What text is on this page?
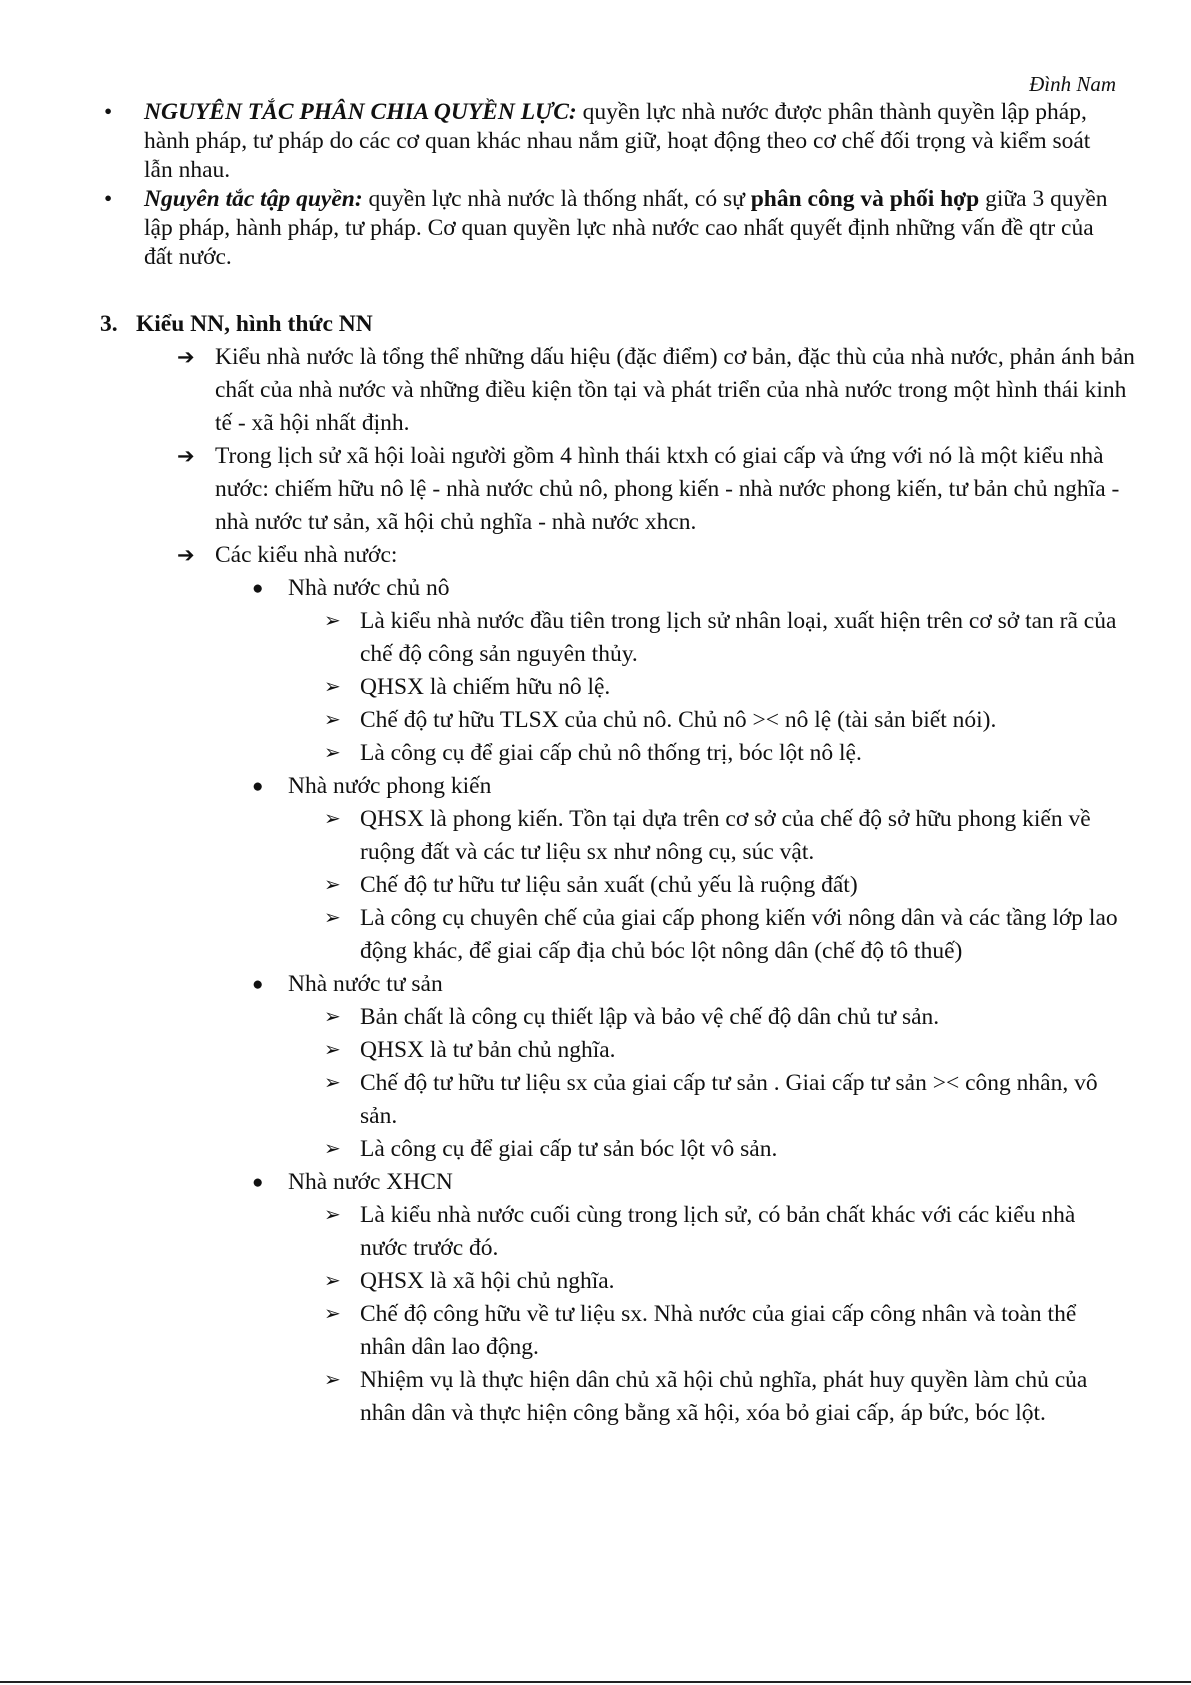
Đình Nam
• NGUYÊN TẮC PHÂN CHIA QUYỀN LỰC: quyền lực nhà nước được phân thành quyền lập pháp, hành pháp, tư pháp do các cơ quan khác nhau nắm giữ, hoạt động theo cơ chế đối trọng và kiểm soát lẫn nhau.
• Nguyên tắc tập quyền: quyền lực nhà nước là thống nhất, có sự phân công và phối hợp giữa 3 quyền lập pháp, hành pháp, tư pháp. Cơ quan quyền lực nhà nước cao nhất quyết định những vấn đề qtr của đất nước.
3. Kiểu NN, hình thức NN
➔ Kiểu nhà nước là tổng thể những dấu hiệu (đặc điểm) cơ bản, đặc thù của nhà nước, phản ánh bản chất của nhà nước và những điều kiện tồn tại và phát triển của nhà nước trong một hình thái kinh tế - xã hội nhất định.
➔ Trong lịch sử xã hội loài người gồm 4 hình thái ktxh có giai cấp và ứng với nó là một kiểu nhà nước: chiếm hữu nô lệ - nhà nước chủ nô, phong kiến - nhà nước phong kiến, tư bản chủ nghĩa - nhà nước tư sản, xã hội chủ nghĩa - nhà nước xhcn.
➔ Các kiểu nhà nước:
● Nhà nước chủ nô
➢ Là kiểu nhà nước đầu tiên trong lịch sử nhân loại, xuất hiện trên cơ sở tan rã của chế độ công sản nguyên thủy.
➢ QHSX là chiếm hữu nô lệ.
➢ Chế độ tư hữu TLSX của chủ nô. Chủ nô >< nô lệ (tài sản biết nói).
➢ Là công cụ để giai cấp chủ nô thống trị, bóc lột nô lệ.
● Nhà nước phong kiến
➢ QHSX là phong kiến. Tồn tại dựa trên cơ sở của chế độ sở hữu phong kiến về ruộng đất và các tư liệu sx như nông cụ, súc vật.
➢ Chế độ tư hữu tư liệu sản xuất (chủ yếu là ruộng đất)
➢ Là công cụ chuyên chế của giai cấp phong kiến với nông dân và các tầng lớp lao động khác, để giai cấp địa chủ bóc lột nông dân (chế độ tô thuế)
● Nhà nước tư sản
➢ Bản chất là công cụ thiết lập và bảo vệ chế độ dân chủ tư sản.
➢ QHSX là tư bản chủ nghĩa.
➢ Chế độ tư hữu tư liệu sx của giai cấp tư sản . Giai cấp tư sản >< công nhân, vô sản.
➢ Là công cụ để giai cấp tư sản bóc lột vô sản.
● Nhà nước XHCN
➢ Là kiểu nhà nước cuối cùng trong lịch sử, có bản chất khác với các kiểu nhà nước trước đó.
➢ QHSX là xã hội chủ nghĩa.
➢ Chế độ công hữu về tư liệu sx. Nhà nước của giai cấp công nhân và toàn thể nhân dân lao động.
➢ Nhiệm vụ là thực hiện dân chủ xã hội chủ nghĩa, phát huy quyền làm chủ của nhân dân và thực hiện công bằng xã hội, xóa bỏ giai cấp, áp bức, bóc lột.
